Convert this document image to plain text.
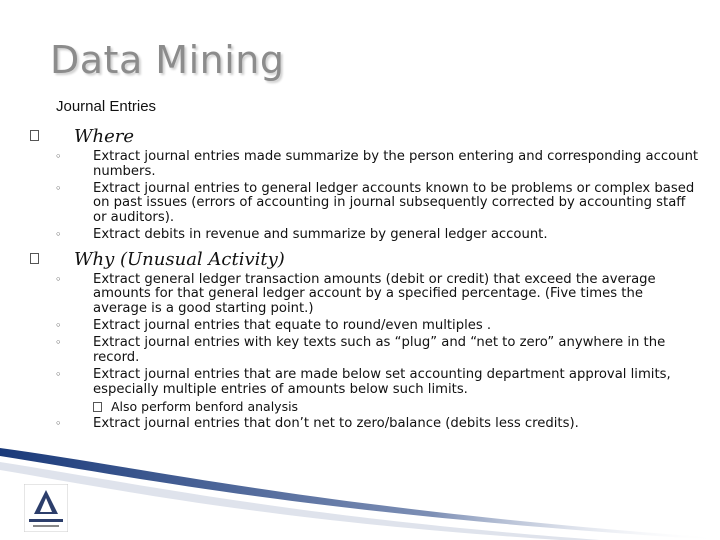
Data Mining
Journal Entries
Where
◦ Extract journal entries made summarize by the person entering and corresponding account numbers.
◦ Extract journal entries to general ledger accounts known to be problems or complex based on past issues (errors of accounting in journal subsequently corrected by accounting staff or auditors).
◦ Extract debits in revenue and summarize by general ledger account.
Why (Unusual Activity)
◦ Extract general ledger transaction amounts (debit or credit) that exceed the average amounts for that general ledger account by a specified percentage. (Five times the average is a good starting point.)
◦ Extract journal entries that equate to round/even multiples .
◦ Extract journal entries with key texts such as “plug” and “net to zero” anywhere in the record.
◦ Extract journal entries that are made below set accounting department approval limits, especially multiple entries of amounts below such limits.
Also perform benford analysis
◦ Extract journal entries that don’t net to zero/balance (debits less credits).
